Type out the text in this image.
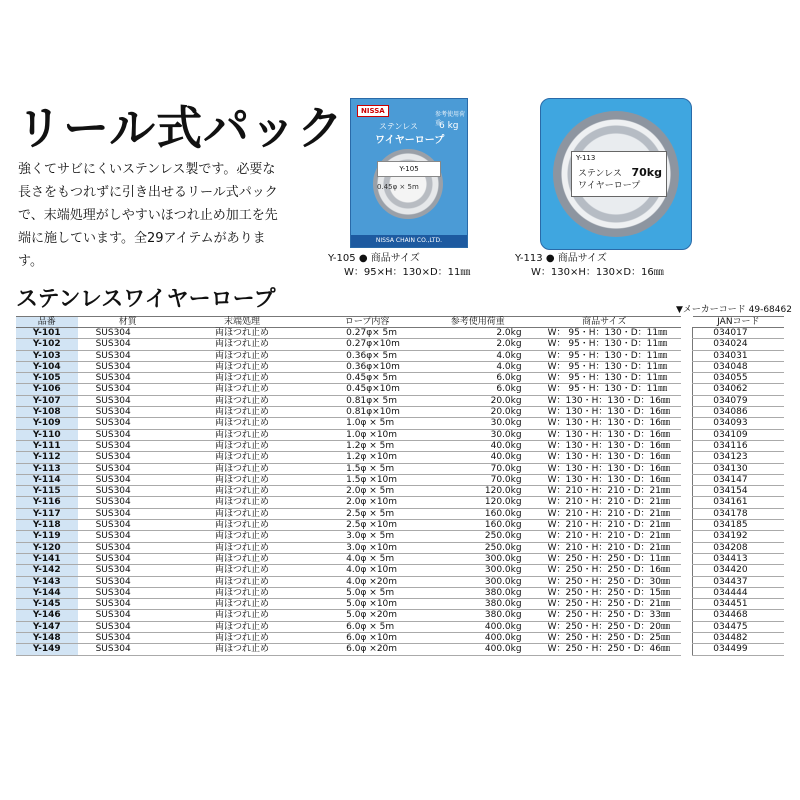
リール式パック

強くてサビにくいステンレス製です。必要な長さをもつれずに引き出せるリール式パックで、末端処理がしやすいほつれ止め加工を先端に施しています。全29アイテムがあります。

NISSA	参考使用荷重
6 kg
ステンレス
ワイヤーロープ
Y-105
0.45φ × 5m
NISSA CHAIN CO.,LTD.
Y-113
ステンレス
ワイヤーロープ
70kg
Y-105 ● 商品サイズ
W：95×H：130×D：11㎜
Y-113 ● 商品サイズ
W：130×H：130×D：16㎜
ステンレスワイヤーロープ	▼メーカーコード 49-68462
品番	材質	末端処理	ロープ内容	参考使用荷重	商品サイズ		JANコード
Y-101	SUS304	両ほつれ止め	0.27φ× 5m	2.0kg	W： 95・H：130・D：11㎜		034017
Y-102	SUS304	両ほつれ止め	0.27φ×10m	2.0kg	W： 95・H：130・D：11㎜		034024
Y-103	SUS304	両ほつれ止め	0.36φ× 5m	4.0kg	W： 95・H：130・D：11㎜		034031
Y-104	SUS304	両ほつれ止め	0.36φ×10m	4.0kg	W： 95・H：130・D：11㎜		034048
Y-105	SUS304	両ほつれ止め	0.45φ× 5m	6.0kg	W： 95・H：130・D：11㎜		034055
Y-106	SUS304	両ほつれ止め	0.45φ×10m	6.0kg	W： 95・H：130・D：11㎜		034062
Y-107	SUS304	両ほつれ止め	0.81φ× 5m	20.0kg	W：130・H：130・D：16㎜		034079
Y-108	SUS304	両ほつれ止め	0.81φ×10m	20.0kg	W：130・H：130・D：16㎜		034086
Y-109	SUS304	両ほつれ止め	1.0φ × 5m	30.0kg	W：130・H：130・D：16㎜		034093
Y-110	SUS304	両ほつれ止め	1.0φ ×10m	30.0kg	W：130・H：130・D：16㎜		034109
Y-111	SUS304	両ほつれ止め	1.2φ × 5m	40.0kg	W：130・H：130・D：16㎜		034116
Y-112	SUS304	両ほつれ止め	1.2φ ×10m	40.0kg	W：130・H：130・D：16㎜		034123
Y-113	SUS304	両ほつれ止め	1.5φ × 5m	70.0kg	W：130・H：130・D：16㎜		034130
Y-114	SUS304	両ほつれ止め	1.5φ ×10m	70.0kg	W：130・H：130・D：16㎜		034147
Y-115	SUS304	両ほつれ止め	2.0φ × 5m	120.0kg	W：210・H：210・D：21㎜		034154
Y-116	SUS304	両ほつれ止め	2.0φ ×10m	120.0kg	W：210・H：210・D：21㎜		034161
Y-117	SUS304	両ほつれ止め	2.5φ × 5m	160.0kg	W：210・H：210・D：21㎜		034178
Y-118	SUS304	両ほつれ止め	2.5φ ×10m	160.0kg	W：210・H：210・D：21㎜		034185
Y-119	SUS304	両ほつれ止め	3.0φ × 5m	250.0kg	W：210・H：210・D：21㎜		034192
Y-120	SUS304	両ほつれ止め	3.0φ ×10m	250.0kg	W：210・H：210・D：21㎜		034208
Y-141	SUS304	両ほつれ止め	4.0φ × 5m	300.0kg	W：250・H：250・D：11㎜		034413
Y-142	SUS304	両ほつれ止め	4.0φ ×10m	300.0kg	W：250・H：250・D：16㎜		034420
Y-143	SUS304	両ほつれ止め	4.0φ ×20m	300.0kg	W：250・H：250・D：30㎜		034437
Y-144	SUS304	両ほつれ止め	5.0φ × 5m	380.0kg	W：250・H：250・D：15㎜		034444
Y-145	SUS304	両ほつれ止め	5.0φ ×10m	380.0kg	W：250・H：250・D：21㎜		034451
Y-146	SUS304	両ほつれ止め	5.0φ ×20m	380.0kg	W：250・H：250・D：33㎜		034468
Y-147	SUS304	両ほつれ止め	6.0φ × 5m	400.0kg	W：250・H：250・D：20㎜		034475
Y-148	SUS304	両ほつれ止め	6.0φ ×10m	400.0kg	W：250・H：250・D：25㎜		034482
Y-149	SUS304	両ほつれ止め	6.0φ ×20m	400.0kg	W：250・H：250・D：46㎜		034499
